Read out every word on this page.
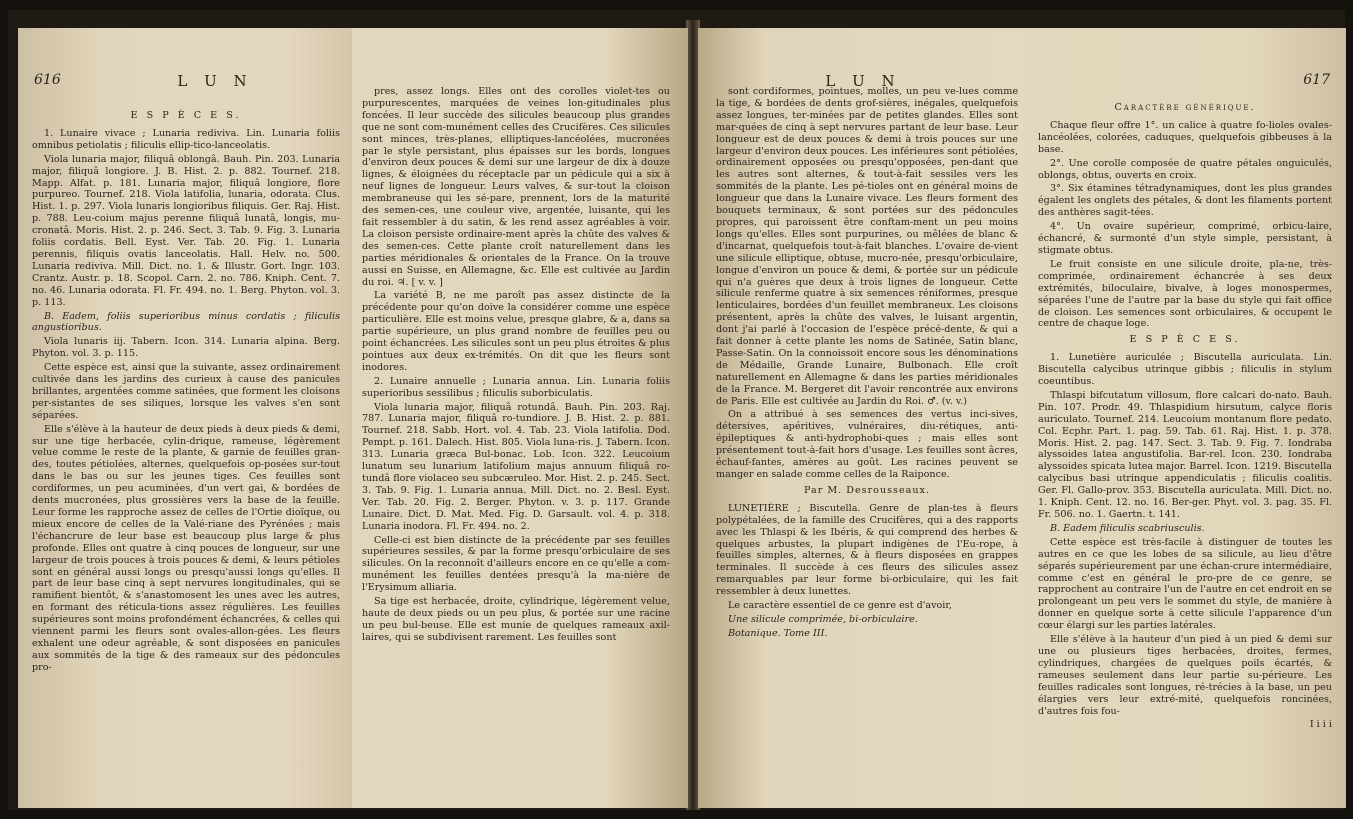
616	L U N

E S P È C E S.

1. Lunaire vivace ; Lunaria rediviva. Lin. Lunaria foliis omnibus petiolatis ; filiculis ellip-tico-lanceolatis.

Viola lunaria major, filiquâ oblongâ. Bauh. Pin. 203. Lunaria major, filiquâ longiore. J. B. Hist. 2. p. 882. Tournef. 218. Mapp. Alfat. p. 181. Lunaria major, filiquâ longiore, flore purpureo. Tournef. 218. Viola latifolia, lunaria, odorata. Clus. Hist. 1. p. 297. Viola lunaris longioribus filiquis. Ger. Raj. Hist. p. 788. Leu-coium majus perenne filiquâ lunatâ, longis, mu-cronatâ. Moris. Hist. 2. p. 246. Sect. 3. Tab. 9. Fig. 3. Lunaria foliis cordatis. Bell. Eyst. Ver. Tab. 20. Fig. 1. Lunaria perennis, filiquis ovatis lanceolatis. Hall. Helv. no. 500. Lunaria rediviva. Mill. Dict. no. 1. & Illustr. Gort. Ingr. 103. Crantz. Austr. p. 18. Scopol. Carn. 2. no. 786. Kniph. Cent. 7. no. 46. Lunaria odorata. Fl. Fr. 494. no. 1. Berg. Phyton. vol. 3. p. 113.

B. Eadem, foliis superioribus minus cordatis ; filiculis angustioribus.

Viola lunaris iij. Tabern. Icon. 314. Lunaria alpina. Berg. Phyton. vol. 3. p. 115.

Cette espèce est, ainsi que la suivante, assez ordinairement cultivée dans les jardins des curieux à cause des panicules brillantes, argentées comme satinées, que forment les cloisons per-sistantes de ses siliques, lorsque les valves s'en sont séparées.

Elle s'élève à la hauteur de deux pieds à deux pieds & demi, sur une tige herbacée, cylin-drique, rameuse, légèrement velue comme le reste de la plante, & garnie de feuilles gran-des, toutes pétiolées, alternes, quelquefois op-posées sur-tout dans le bas ou sur les jeunes tiges. Ces feuilles sont cordiformes, un peu acuminées, d'un vert gai, & bordées de dents mucronées, plus grossières vers la base de la feuille. Leur forme les rapproche assez de celles de l'Ortie dioïque, ou mieux encore de celles de la Valé-riane des Pyrénées ; mais l'échancrure de leur base est beaucoup plus large & plus profonde. Elles ont quatre à cinq pouces de longueur, sur une largeur de trois pouces à trois pouces & demi, & leurs pétioles sont en général aussi longs ou presqu'aussi longs qu'elles. Il part de leur base cinq à sept nervures longitudinales, qui se ramifient bientôt, & s'anastomosent les unes avec les autres, en formant des réticula-tions assez régulières. Les feuilles supérieures sont moins profondément échancrées, & celles qui viennent parmi les fleurs sont ovales-allon-gées. Les fleurs exhalent une odeur agréable, & sont disposées en panicules aux sommités de la tige & des rameaux sur des pédoncules pro-

pres, assez longs. Elles ont des corolles violet-tes ou purpurescentes, marquées de veines lon-gitudinales plus foncées. Il leur succède des silicules beaucoup plus grandes que ne sont com-munément celles des Crucifères. Ces silicules sont minces, très-planes, elliptiques-lancéolées, mucronées par le style persistant, plus épaisses sur les bords, longues d'environ deux pouces & demi sur une largeur de dix à douze lignes, & éloignées du réceptacle par un pédicule qui a six à neuf lignes de longueur. Leurs valves, & sur-tout la cloison membraneuse qui les sé-pare, prennent, lors de la maturité des semen-ces, une couleur vive, argentée, luisante, qui les fait ressembler à du satin, & les rend assez agréables à voir. La cloison persiste ordinaire-ment après la chûte des valves & des semen-ces. Cette plante croît naturellement dans les parties méridionales & orientales de la France. On la trouve aussi en Suisse, en Allemagne, &c. Elle est cultivée au Jardin du roi. ♃. [ v. v. ]

La variété B, ne me paroît pas assez distincte de la précédente pour qu'on doive la considérer comme une espèce particulière. Elle est moins velue, presque glabre, & a, dans sa partie supérieure, un plus grand nombre de feuilles peu ou point échancrées. Les silicules sont un peu plus étroites & plus pointues aux deux ex-trémités. On dit que les fleurs sont inodores.

2. Lunaire annuelle ; Lunaria annua. Lin. Lunaria foliis superioribus sessilibus ; filiculis suborbiculatis.

Viola lunaria major, filiquâ rotundâ. Bauh. Pin. 203. Raj. 787. Lunaria major, filiquâ ro-tundiore. J. B. Hist. 2. p. 881. Tournef. 218. Sabb. Hort. vol. 4. Tab. 23. Viola latifolia. Dod. Pempt. p. 161. Dalech. Hist. 805. Viola luna-ris. J. Tabern. Icon. 313. Lunaria græca Bul-bonac. Lob. Icon. 322. Leucoium lunatum seu lunarium latifolium majus annuum filiquâ ro-tundâ flore violaceo seu subcæruleo. Mor. Hist. 2. p. 245. Sect. 3. Tab. 9. Fig. 1. Lunaria annua. Mill. Dict. no. 2. Besl. Eyst. Ver. Tab. 20. Fig. 2. Berger. Phyton. v. 3. p. 117. Grande Lunaire. Dict. D. Mat. Med. Fig. D. Garsault. vol. 4. p. 318. Lunaria inodora. Fl. Fr. 494. no. 2.

Celle-ci est bien distincte de la précédente par ses feuilles supérieures sessiles, & par la forme presqu'orbiculaire de ses silicules. On la reconnoît d'ailleurs encore en ce qu'elle a com-munément les feuilles dentées presqu'à la ma-nière de l'Erysimum alliaria.

Sa tige est herbacée, droite, cylindrique, légèrement velue, haute de deux pieds ou un peu plus, & portée sur une racine un peu bul-beuse. Elle est munie de quelques rameaux axil-laires, qui se subdivisent rarement. Les feuilles sont

L U N

sont cordiformes, pointues, molles, un peu ve-lues comme la tige, & bordées de dents grof-sières, inégales, quelquefois assez longues, ter-minées par de petites glandes. Elles sont mar-quées de cinq à sept nervures partant de leur base. Leur longueur est de deux pouces & demi à trois pouces sur une largeur d'environ deux pouces. Les inférieures sont pétiolées, ordinairement opposées ou presqu'opposées, pen-dant que les autres sont alternes, & tout-à-fait sessiles vers les sommités de la plante. Les pé-tioles ont en général moins de longueur que dans la Lunaire vivace. Les fleurs forment des bouquets terminaux, & sont portées sur des pédoncules propres, qui paroissent être conftam-ment un peu moins longs qu'elles. Elles sont purpurines, ou mêlées de blanc & d'incarnat, quelquefois tout-à-fait blanches. L'ovaire de-vient une silicule elliptique, obtuse, mucro-née, presqu'orbiculaire, longue d'environ un pouce & demi, & portée sur un pédicule qui n'a guères que deux à trois lignes de longueur. Cette silicule renferme quatre à six semences réniformes, presque lenticulaires, bordées d'un feuillet membraneux. Les cloisons présentent, après la chûte des valves, le luisant argentin, dont j'ai parlé à l'occasion de l'espèce précé-dente, & qui a fait donner à cette plante les noms de Satinée, Satin blanc, Passe-Satin. On la connoissoit encore sous les dénominations de Médaille, Grande Lunaire, Bulbonach. Elle croît naturellement en Allemagne & dans les parties méridionales de la France. M. Bergeret dit l'avoir rencontrée aux environs de Paris. Elle est cultivée au Jardin du Roi. ♂. (v. v.)

On a attribué à ses semences des vertus inci-sives, détersives, apéritives, vulnéraires, diu-rétiques, anti-épileptiques & anti-hydrophobi-ques ; mais elles sont présentement tout-à-fait hors d'usage. Les feuilles sont âcres, échauf-fantes, amères au goût. Les racines peuvent se manger en salade comme celles de la Raiponce.

Par M. Desrousseaux.

LUNETIÈRE ; Biscutella. Genre de plan-tes à fleurs polypétalées, de la famille des Crucifères, qui a des rapports avec les Thlaspi & les Ibéris, & qui comprend des herbes & quelques arbustes, la plupart indigènes de l'Eu-rope, à feuilles simples, alternes, & à fleurs disposées en grappes terminales. Il succède à ces fleurs des silicules assez remarquables par leur forme bi-orbiculaire, qui les fait ressembler à deux lunettes.

Le caractère essentiel de ce genre est d'avoir,

Une silicule comprimée, bi-orbiculaire.

Botanique. Tome III.

617

Caractère générique.

Chaque fleur offre 1°. un calice à quatre fo-lioles ovales-lancéolées, colorées, caduques, quelquefois gibbeuses à la base.

2°. Une corolle composée de quatre pétales onguiculés, oblongs, obtus, ouverts en croix.

3°. Six étamines tétradynamiques, dont les plus grandes égalent les onglets des pétales, & dont les filaments portent des anthères sagit-tées.

4°. Un ovaire supérieur, comprimé, orbicu-laire, échancré, & surmonté d'un style simple, persistant, à stigmate obtus.

Le fruit consiste en une silicule droite, pla-ne, très-comprimée, ordinairement échancrée à ses deux extrémités, biloculaire, bivalve, à loges monospermes, séparées l'une de l'autre par la base du style qui fait office de cloison. Les semences sont orbiculaires, & occupent le centre de chaque loge.

E S P È C E S.

1. Lunetière auriculée ; Biscutella auriculata. Lin. Biscutella calycibus utrinque gibbis ; filiculis in stylum coeuntibus.

Thlaspi bifcutatum villosum, flore calcari do-nato. Bauh. Pin. 107. Prodr. 49. Thlaspidium hirsutum, calyce floris auriculato. Tournef. 214. Leucoium montanum flore pedato. Col. Ecphr. Part. 1. pag. 59. Tab. 61. Raj. Hist. 1. p. 378. Moris. Hist. 2. pag. 147. Sect. 3. Tab. 9. Fig. 7. Iondraba alyssoides latea angustifolia. Bar-rel. Icon. 230. Iondraba alyssoides spicata lutea major. Barrel. Icon. 1219. Biscutella calycibus basi utrinque appendiculatis ; filiculis coalitis. Ger. Fl. Gallo-prov. 353. Biscutella auriculata. Mill. Dict. no. 1. Kniph. Cent. 12. no. 16. Ber-ger. Phyt. vol. 3. pag. 35. Fl. Fr. 506. no. 1. Gaertn. t. 141.

B. Eadem filiculis scabriusculis.

Cette espèce est très-facile à distinguer de toutes les autres en ce que les lobes de sa silicule, au lieu d'être séparés supérieurement par une échan-crure intermédiaire, comme c'est en général le pro-pre de ce genre, se rapprochent au contraire l'un de l'autre en cet endroit en se prolongeant un peu vers le sommet du style, de manière à donner en quelque sorte à cette silicule l'apparence d'un cœur élargi sur les parties latérales.

Elle s'élève à la hauteur d'un pied à un pied & demi sur une ou plusieurs tiges herbacées, droites, fermes, cylindriques, chargées de quelques poils écartés, & rameuses seulement dans leur partie su-périeure. Les feuilles radicales sont longues, ré-trécies à la base, un peu élargies vers leur extré-mité, quelquefois roncinées, d'autres fois fou-

I i i i
